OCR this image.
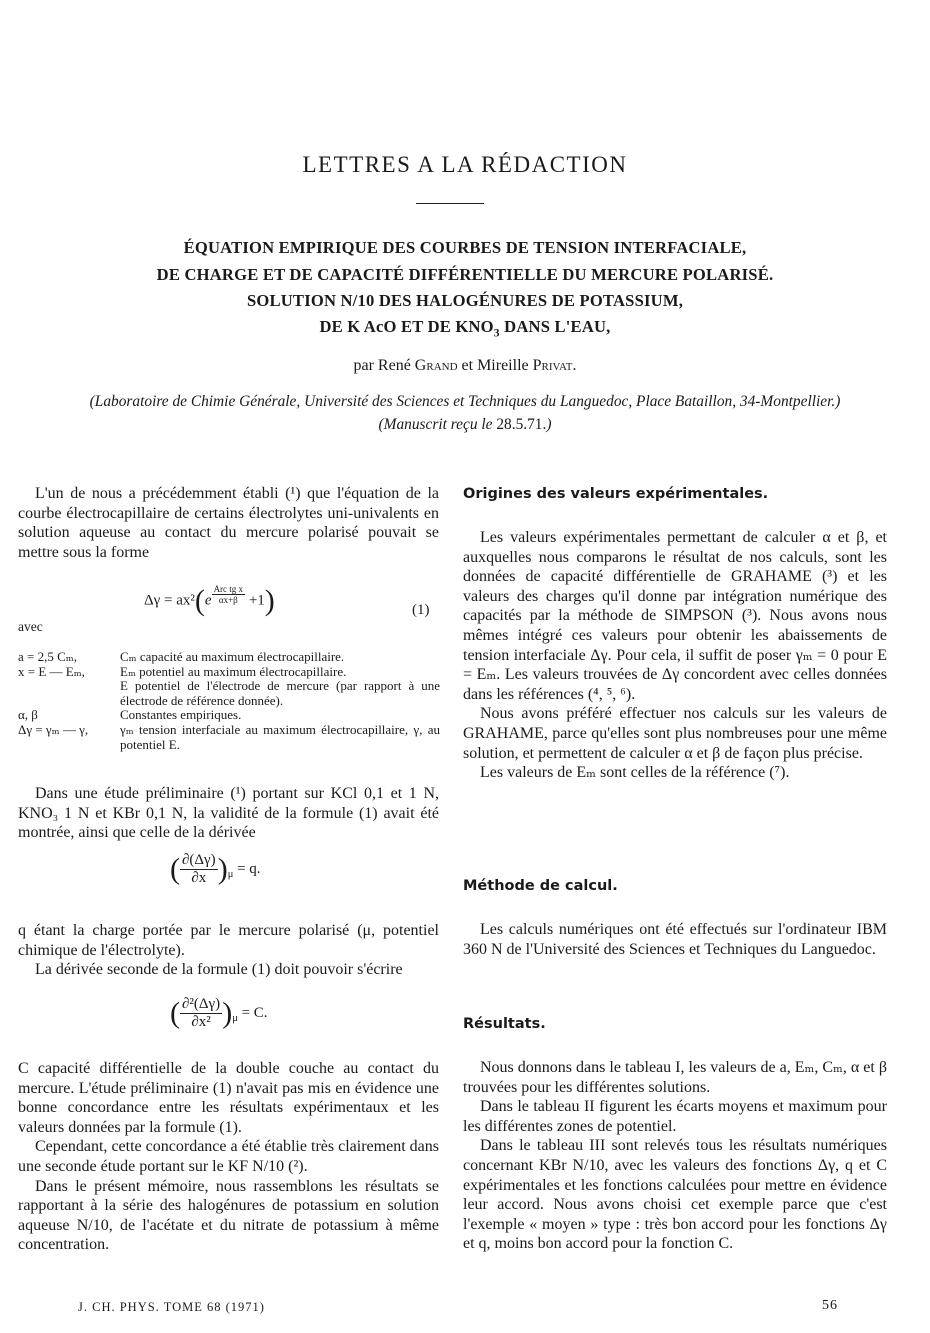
LETTRES A LA RÉDACTION
ÉQUATION EMPIRIQUE DES COURBES DE TENSION INTERFACIALE,
DE CHARGE ET DE CAPACITÉ DIFFÉRENTIELLE DU MERCURE POLARISÉ.
SOLUTION N/10 DES HALOGÉNURES DE POTASSIUM,
DE K AcO ET DE $KNO_3$ DANS L'EAU,
par René Grand et Mireille Privat.
(Laboratoire de Chimie Générale, Université des Sciences et Techniques du Languedoc, Place Bataillon, 34-Montpellier.)
(Manuscrit reçu le 28.5.71.)

L'un de nous a précédemment établi (¹) que l'équation de la courbe électrocapillaire de certains électrolytes uni-univalents en solution aqueuse au contact du mercure polarisé pouvait se mettre sous la forme

$\Delta\gamma = ax^2(e \frac{\text{Arc tg x}}{\alpha x+\beta} +1)$	(1)
avec
a = 2,5 Cₘ,	Cₘ capacité au maximum électrocapillaire.
x = E — Eₘ,	Eₘ potentiel au maximum électrocapillaire.
	E potentiel de l'électrode de mercure (par rapport à une électrode de référence donnée).
α, β	Constantes empiriques.
Δγ = γₘ — γ,	γₘ tension interfaciale au maximum électrocapillaire, γ, au potentiel E.

Dans une étude préliminaire (¹) portant sur KCl 0,1 et 1 N, KNO₃ 1 N et KBr 0,1 N, la validité de la formule (1) avait été montrée, ainsi que celle de la dérivée

( $\frac{\partial(\Delta\gamma)}{\partial x} )_\mu = q$.

q étant la charge portée par le mercure polarisé (μ, potentiel chimique de l'électrolyte).

La dérivée seconde de la formule (1) doit pouvoir s'écrire

( $\frac{\text{∂²(Δγ)}}{\text{∂x²}} )_\mu = C$.

C capacité différentielle de la double couche au contact du mercure. L'étude préliminaire (1) n'avait pas mis en évidence une bonne concordance entre les résultats expérimentaux et les valeurs données par la formule (1).

Cependant, cette concordance a été établie très clairement dans une seconde étude portant sur le KF N/10 (²).

Dans le présent mémoire, nous rassemblons les résultats se rapportant à la série des halogénures de potassium en solution aqueuse N/10, de l'acétate et du nitrate de potassium à même concentration.

Origines des valeurs expérimentales.

Les valeurs expérimentales permettant de calculer α et β, et auxquelles nous comparons le résultat de nos calculs, sont les données de capacité différentielle de GRAHAME (³) et les valeurs des charges qu'il donne par intégration numérique des capacités par la méthode de SIMPSON (³). Nous avons nous mêmes intégré ces valeurs pour obtenir les abaissements de tension interfaciale Δγ. Pour cela, il suffit de poser γₘ = 0 pour E = Eₘ. Les valeurs trouvées de Δγ concordent avec celles données dans les références (⁴, ⁵, ⁶).

Nous avons préféré effectuer nos calculs sur les valeurs de GRAHAME, parce qu'elles sont plus nombreuses pour une même solution, et permettent de calculer α et β de façon plus précise.

Les valeurs de Eₘ sont celles de la référence (⁷).

Méthode de calcul.

Les calculs numériques ont été effectués sur l'ordinateur IBM 360 N de l'Université des Sciences et Techniques du Languedoc.

Résultats.

Nous donnons dans le tableau I, les valeurs de a, Eₘ, Cₘ, α et β trouvées pour les différentes solutions.

Dans le tableau II figurent les écarts moyens et maximum pour les différentes zones de potentiel.

Dans le tableau III sont relevés tous les résultats numériques concernant KBr N/10, avec les valeurs des fonctions Δγ, q et C expérimentales et les fonctions calculées pour mettre en évidence leur accord. Nous avons choisi cet exemple parce que c'est l'exemple « moyen » type : très bon accord pour les fonctions Δγ et q, moins bon accord pour la fonction C.

J. CH. PHYS. TOME 68 (1971)	56
